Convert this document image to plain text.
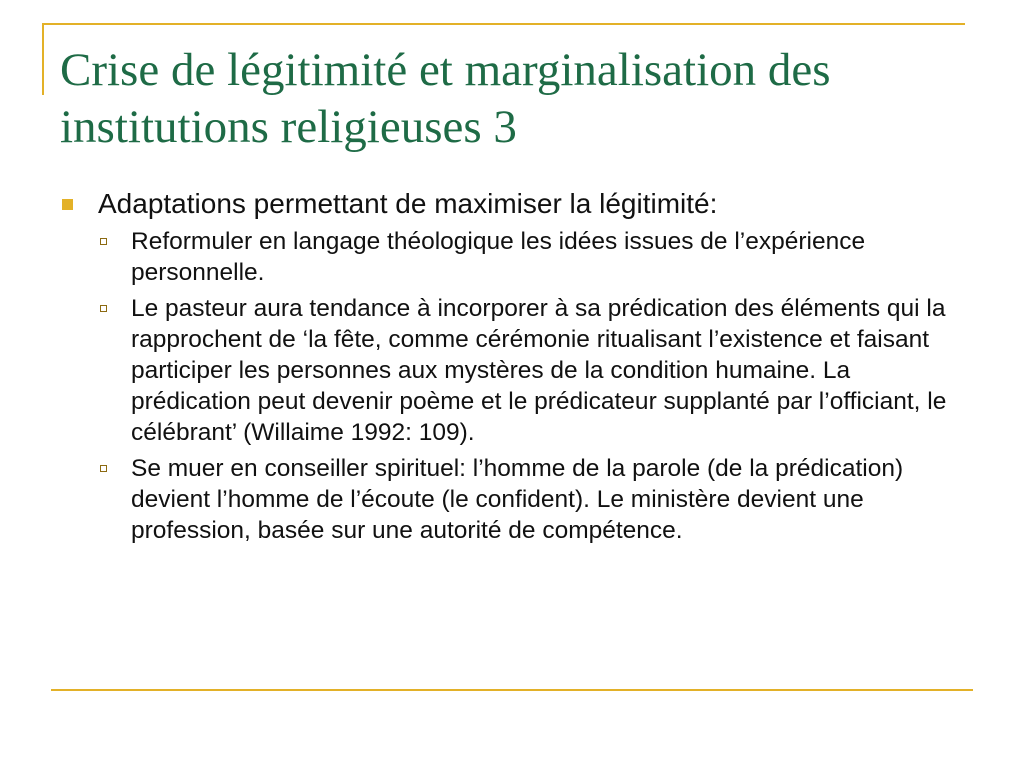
Crise de légitimité et marginalisation des institutions religieuses 3
Adaptations permettant de maximiser la légitimité:
Reformuler en langage théologique les idées issues de l’expérience personnelle.
Le pasteur aura tendance à incorporer à sa prédication des éléments qui la rapprochent de ‘la fête, comme cérémonie ritualisant l’existence et faisant participer les personnes aux mystères de la condition humaine. La prédication peut devenir poème et le prédicateur supplanté par l’officiant, le célébrant’ (Willaime 1992: 109).
Se muer en conseiller spirituel: l’homme de la parole (de la prédication) devient l’homme de l’écoute (le confident). Le ministère devient une profession, basée sur une autorité de compétence.
